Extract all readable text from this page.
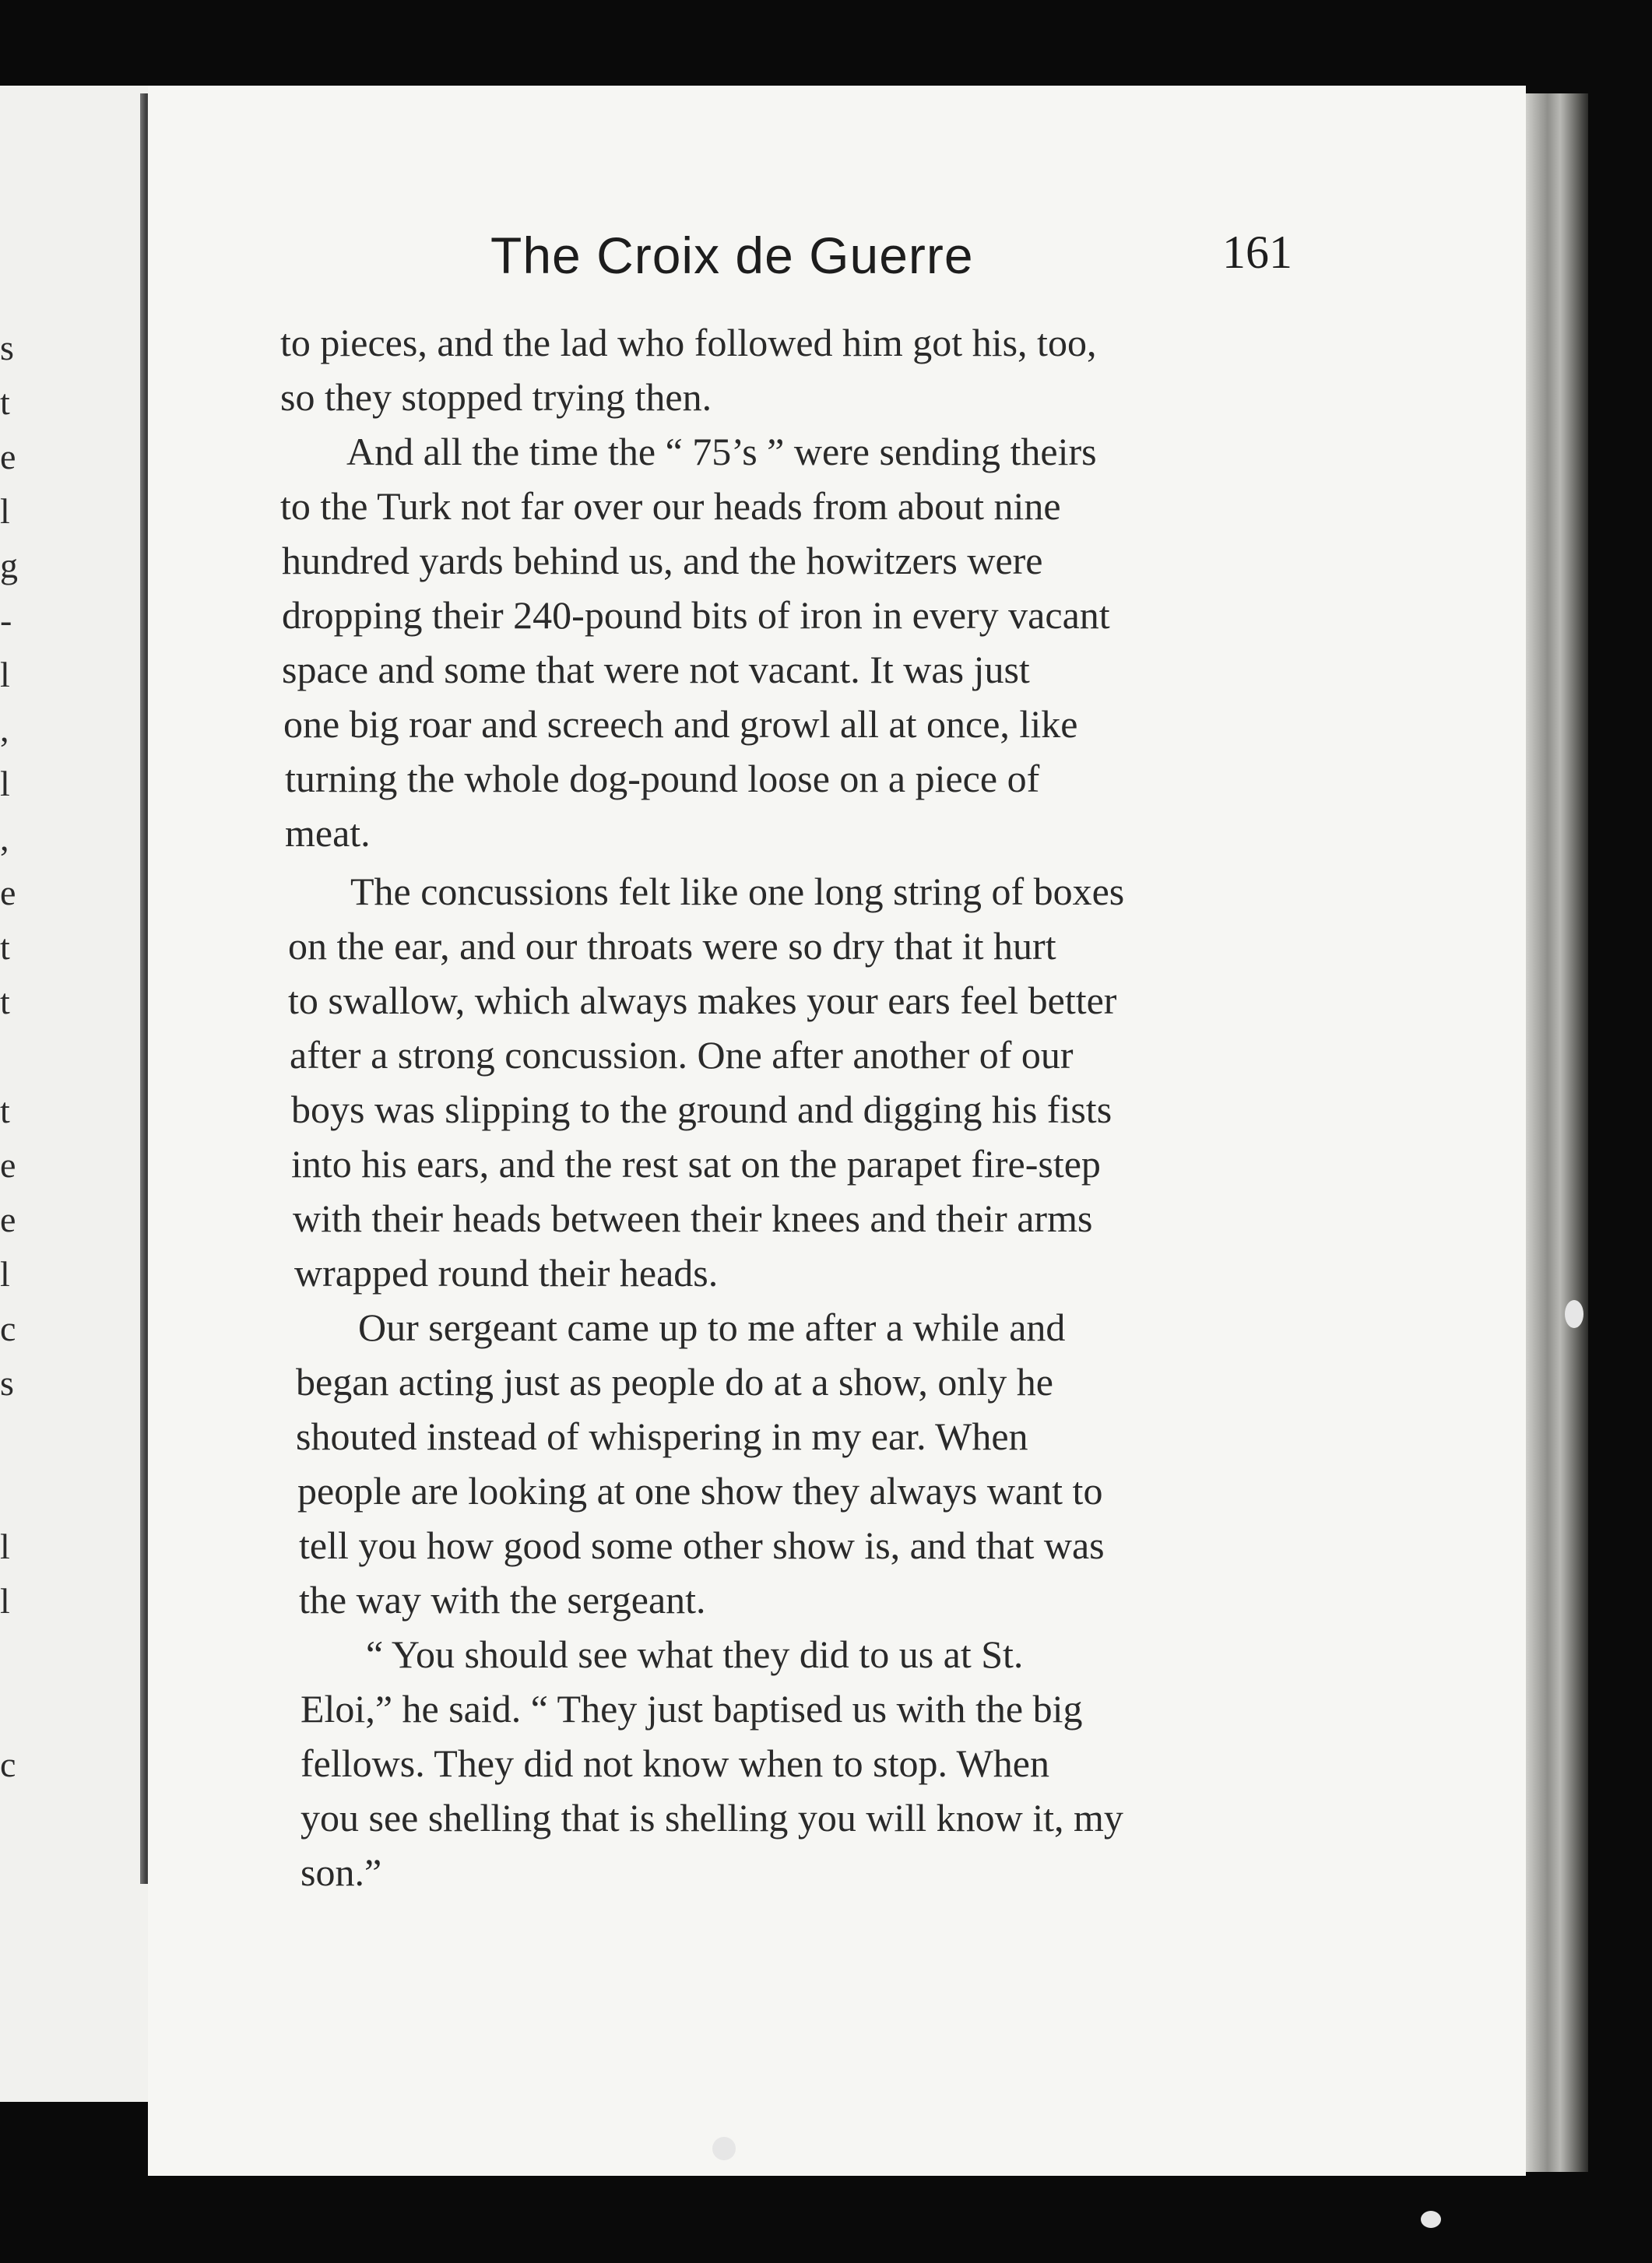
s
t
e
l
g
-
l
,
l
,
e
t
t
t
e
e
l
c
s
l
l
c
The Croix de Guerre	161

to pieces, and the lad who followed him got his, too,

so they stopped trying then.

And all the time the “ 75’s ” were sending theirs

to the Turk not far over our heads from about nine

hundred yards behind us, and the howitzers were

dropping their 240-pound bits of iron in every vacant

space and some that were not vacant. It was just

one big roar and screech and growl all at once, like

turning the whole dog-pound loose on a piece of

meat.

The concussions felt like one long string of boxes

on the ear, and our throats were so dry that it hurt

to swallow, which always makes your ears feel better

after a strong concussion. One after another of our

boys was slipping to the ground and digging his fists

into his ears, and the rest sat on the parapet fire-step

with their heads between their knees and their arms

wrapped round their heads.

Our sergeant came up to me after a while and

began acting just as people do at a show, only he

shouted instead of whispering in my ear. When

people are looking at one show they always want to

tell you how good some other show is, and that was

the way with the sergeant.

“ You should see what they did to us at St.

Eloi,” he said. “ They just baptised us with the big

fellows. They did not know when to stop. When

you see shelling that is shelling you will know it, my

son.”
